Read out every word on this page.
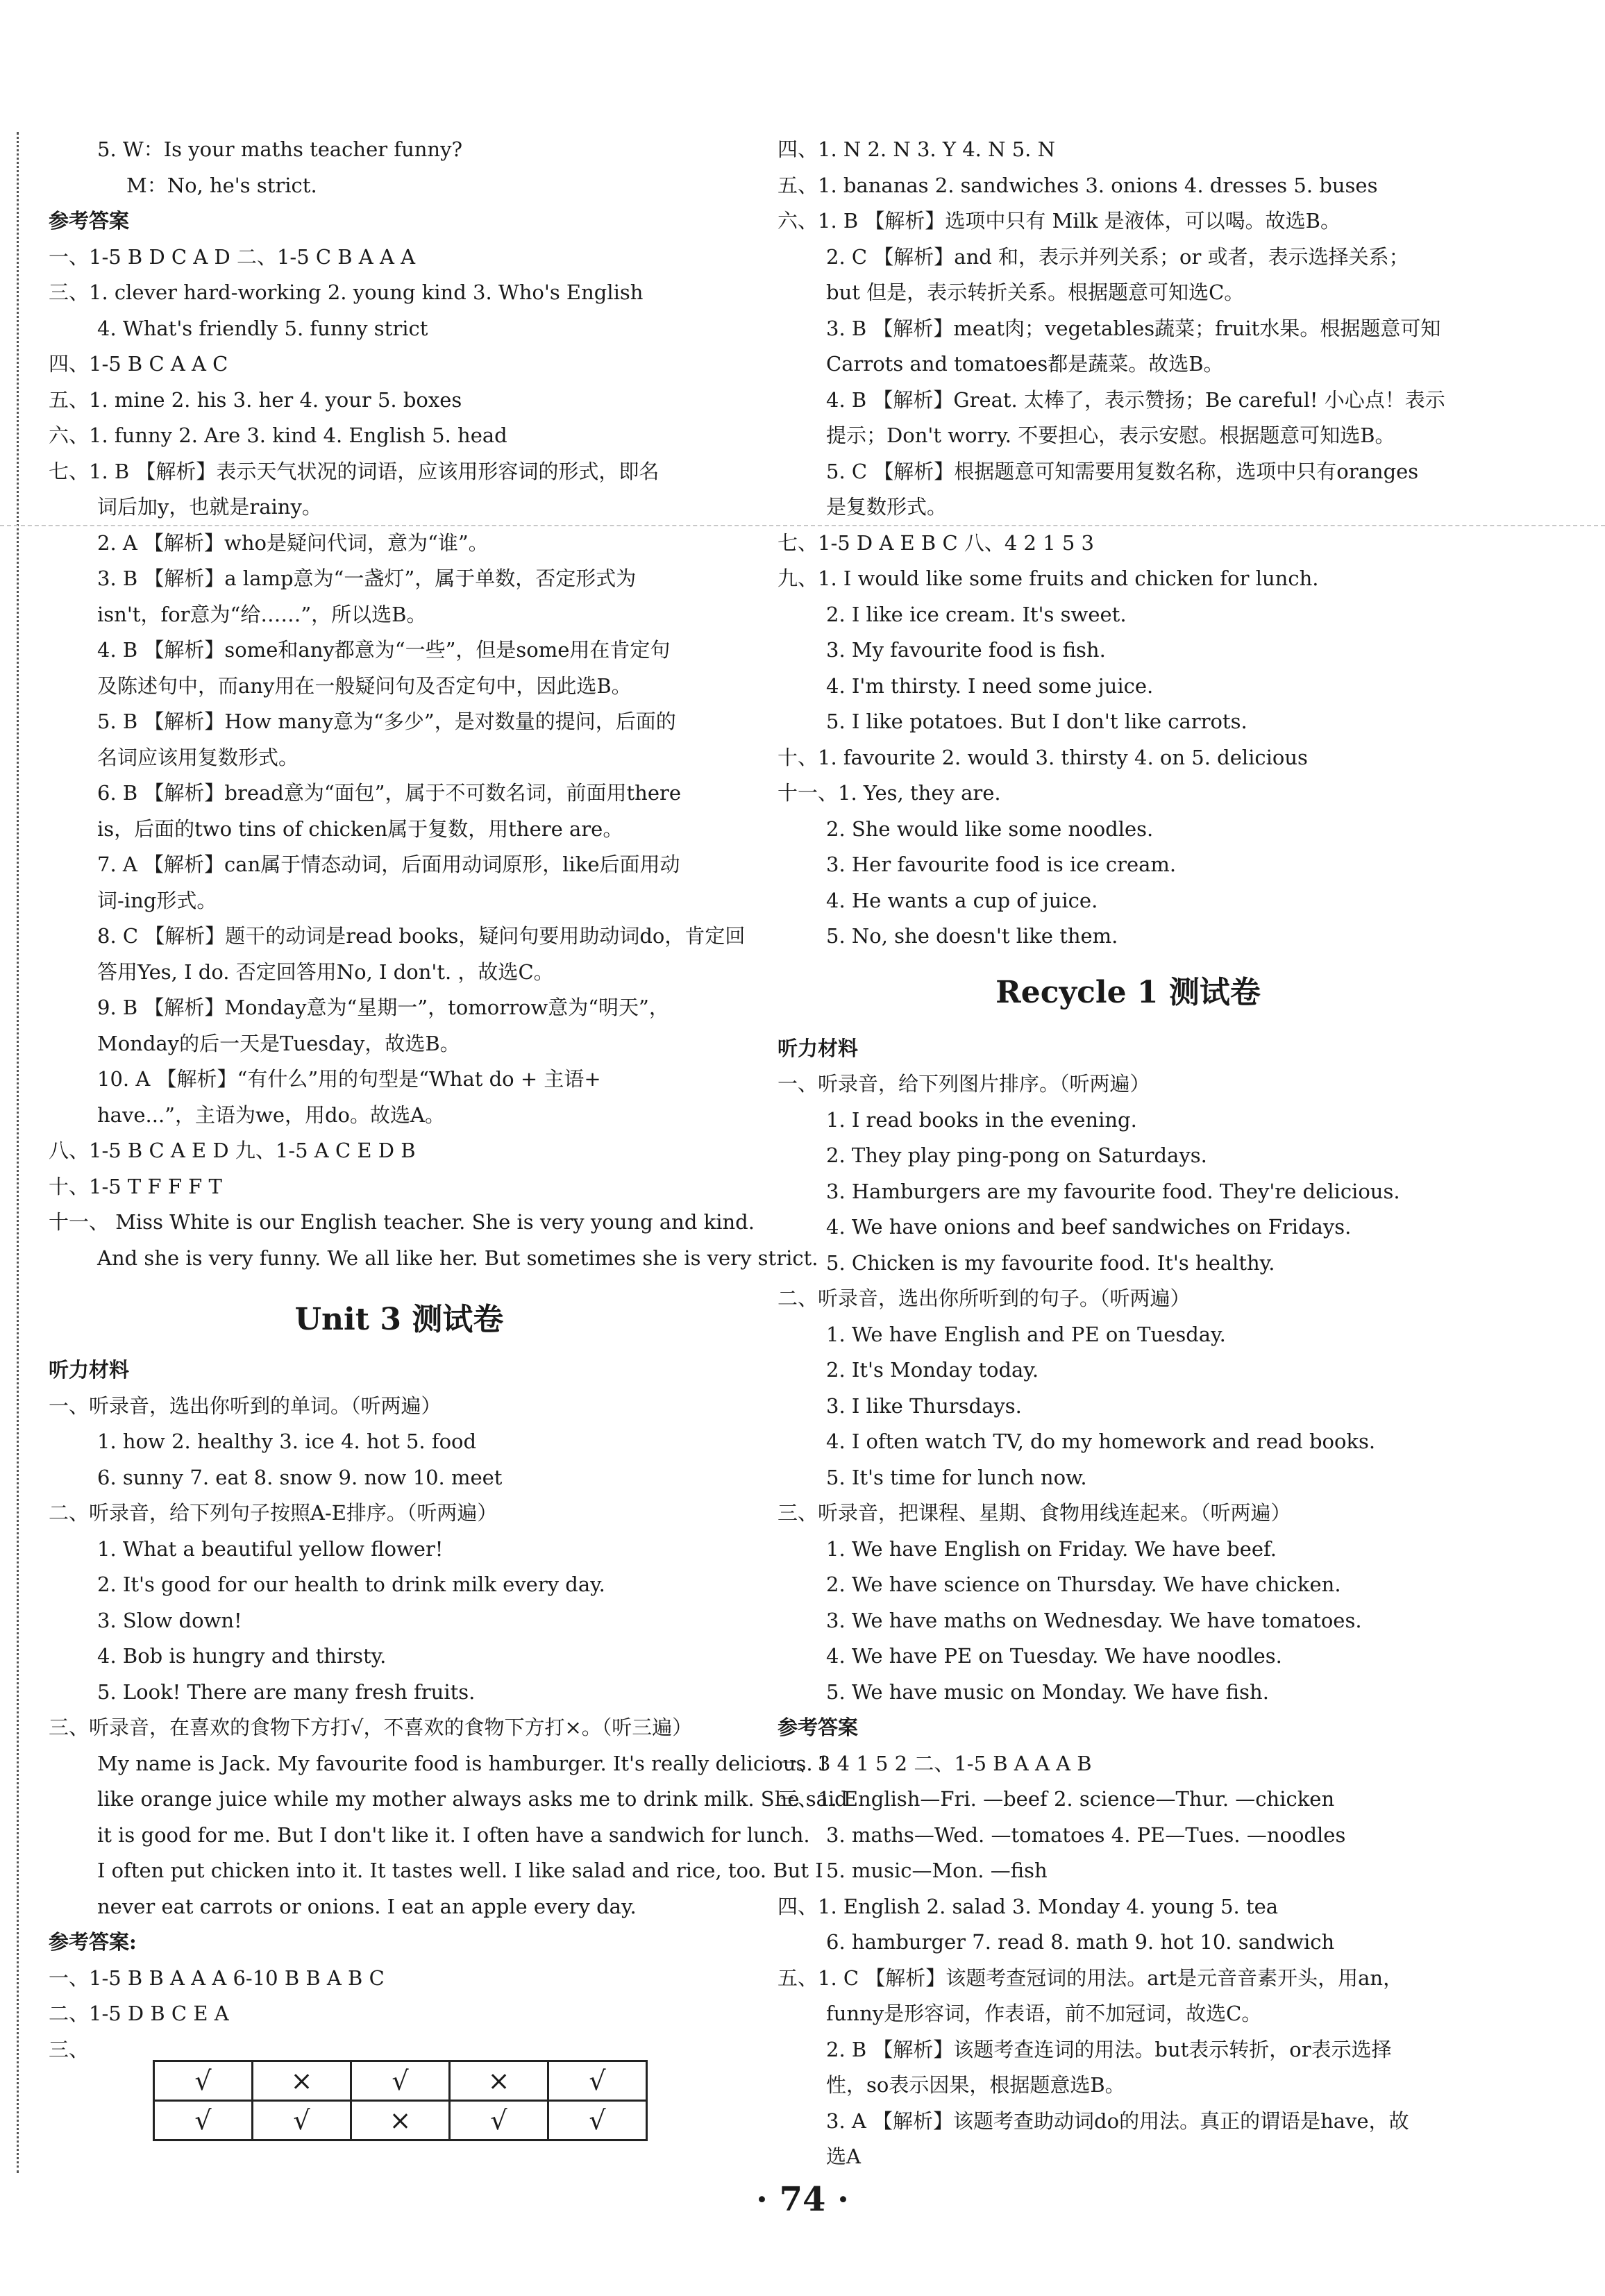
5. W：Is your maths teacher funny?
M：No, he's strict.
参考答案
一、1-5 B D C A D 二、1-5 C B A A A
三、1. clever hard-working 2. young kind 3. Who's English
4. What's friendly 5. funny strict
四、1-5 B C A A C
五、1. mine 2. his 3. her 4. your 5. boxes
六、1. funny 2. Are 3. kind 4. English 5. head
七、1. B 【解析】表示天气状况的词语，应该用形容词的形式，即名
词后加y，也就是rainy。
2. A 【解析】who是疑问代词，意为“谁”。
3. B 【解析】a lamp意为“一盏灯”，属于单数，否定形式为
isn't，for意为“给……”，所以选B。
4. B 【解析】some和any都意为“一些”，但是some用在肯定句
及陈述句中，而any用在一般疑问句及否定句中，因此选B。
5. B 【解析】How many意为“多少”，是对数量的提问，后面的
名词应该用复数形式。
6. B 【解析】bread意为“面包”，属于不可数名词，前面用there
is，后面的two tins of chicken属于复数，用there are。
7. A 【解析】can属于情态动词，后面用动词原形，like后面用动
词-ing形式。
8. C 【解析】题干的动词是read books，疑问句要用助动词do，肯定回
答用Yes, I do. 否定回答用No, I don't. ，故选C。
9. B 【解析】Monday意为“星期一”，tomorrow意为“明天”，
Monday的后一天是Tuesday，故选B。
10. A 【解析】“有什么”用的句型是“What do + 主语+
have...”，主语为we，用do。故选A。
八、1-5 B C A E D 九、1-5 A C E D B
十、1-5 T F F F T
十一、 Miss White is our English teacher. She is very young and kind.
And she is very funny. We all like her. But sometimes she is very strict.
Unit 3 测试卷
听力材料
一、听录音，选出你听到的单词。（听两遍）
1. how 2. healthy 3. ice 4. hot 5. food
6. sunny 7. eat 8. snow 9. now 10. meet
二、听录音，给下列句子按照A-E排序。（听两遍）
1. What a beautiful yellow flower!
2. It's good for our health to drink milk every day.
3. Slow down!
4. Bob is hungry and thirsty.
5. Look! There are many fresh fruits.
三、听录音，在喜欢的食物下方打√，不喜欢的食物下方打×。（听三遍）
My name is Jack. My favourite food is hamburger. It's really delicious. I
like orange juice while my mother always asks me to drink milk. She said
it is good for me. But I don't like it. I often have a sandwich for lunch.
I often put chicken into it. It tastes well. I like salad and rice, too. But I
never eat carrots or onions. I eat an apple every day.
参考答案:
一、1-5 B B A A A 6-10 B B A B C
二、1-5 D B C E A
三、
√	×	√	×	√
√	√	×	√	√
四、1. N 2. N 3. Y 4. N 5. N
五、1. bananas 2. sandwiches 3. onions 4. dresses 5. buses
六、1. B 【解析】选项中只有 Milk 是液体，可以喝。故选B。
2. C 【解析】and 和，表示并列关系；or 或者，表示选择关系；
but 但是，表示转折关系。根据题意可知选C。
3. B 【解析】meat肉；vegetables蔬菜；fruit水果。根据题意可知
Carrots and tomatoes都是蔬菜。故选B。
4. B 【解析】Great. 太棒了，表示赞扬；Be careful! 小心点！表示
提示；Don't worry. 不要担心，表示安慰。根据题意可知选B。
5. C 【解析】根据题意可知需要用复数名称，选项中只有oranges
是复数形式。
七、1-5 D A E B C 八、4 2 1 5 3
九、1. I would like some fruits and chicken for lunch.
2. I like ice cream. It's sweet.
3. My favourite food is fish.
4. I'm thirsty. I need some juice.
5. I like potatoes. But I don't like carrots.
十、1. favourite 2. would 3. thirsty 4. on 5. delicious
十一、1. Yes, they are.
2. She would like some noodles.
3. Her favourite food is ice cream.
4. He wants a cup of juice.
5. No, she doesn't like them.
Recycle 1 测试卷
听力材料
一、听录音，给下列图片排序。（听两遍）
1. I read books in the evening.
2. They play ping-pong on Saturdays.
3. Hamburgers are my favourite food. They're delicious.
4. We have onions and beef sandwiches on Fridays.
5. Chicken is my favourite food. It's healthy.
二、听录音，选出你所听到的句子。（听两遍）
1. We have English and PE on Tuesday.
2. It's Monday today.
3. I like Thursdays.
4. I often watch TV, do my homework and read books.
5. It's time for lunch now.
三、听录音，把课程、星期、食物用线连起来。（听两遍）
1. We have English on Friday. We have beef.
2. We have science on Thursday. We have chicken.
3. We have maths on Wednesday. We have tomatoes.
4. We have PE on Tuesday. We have noodles.
5. We have music on Monday. We have fish.
参考答案
一、3 4 1 5 2 二、1-5 B A A A B
三、1. English—Fri. —beef 2. science—Thur. —chicken
3. maths—Wed. —tomatoes 4. PE—Tues. —noodles
5. music—Mon. —fish
四、1. English 2. salad 3. Monday 4. young 5. tea
6. hamburger 7. read 8. math 9. hot 10. sandwich
五、1. C 【解析】该题考查冠词的用法。art是元音音素开头，用an，
funny是形容词，作表语，前不加冠词，故选C。
2. B 【解析】该题考查连词的用法。but表示转折，or表示选择
性，so表示因果，根据题意选B。
3. A 【解析】该题考查助动词do的用法。真正的谓语是have，故
选A
· 74 ·
